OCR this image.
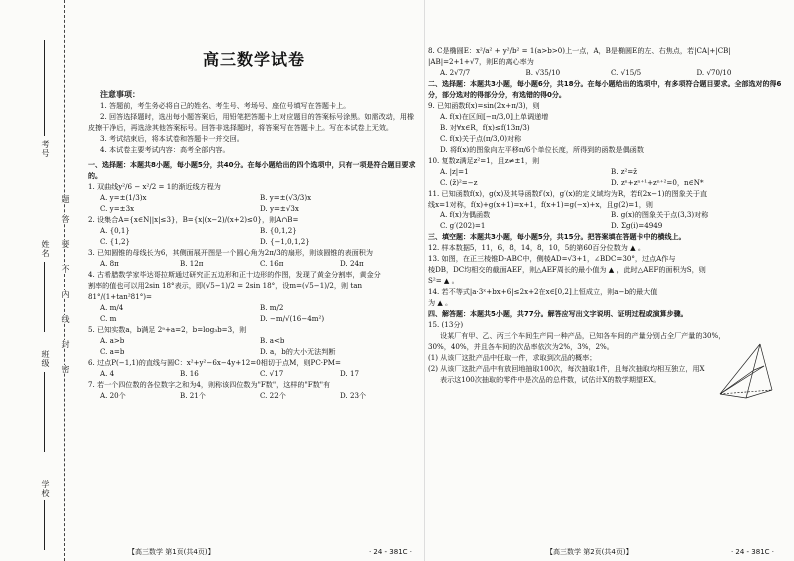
考号
姓名
班级
学校
题
答
要
不
内
线
封
密
高三数学试卷
注意事项：

1. 答题前，考生务必将自己的姓名、考生号、考场号、座位号填写在答题卡上。

2. 回答选择题时，选出每小题答案后，用铅笔把答题卡上对应题目的答案标号涂黑。如需改动，用橡皮擦干净后，再选涂其他答案标号。回答非选择题时，将答案写在答题卡上。写在本试卷上无效。

3. 考试结束后，将本试卷和答题卡一并交回。

4. 本试卷主要考试内容：高考全部内容。

一、选择题：本题共8小题，每小题5分，共40分。在每小题给出的四个选项中，只有一项是符合题目要求的。

1. 双曲线y²/6 − x²/2 = 1的渐近线方程为

A. y=±(1/3)x	B. y=±(√3/3)x
C. y=±3x	D. y=±√3x

2. 设集合A={x∈N||x|≤3}，B={x|(x−2)/(x+2)≤0}，则A∩B=

A. {0,1}	B. {0,1,2}
C. {1,2}	D. {−1,0,1,2}

3. 已知圆锥的母线长为6，其侧面展开图是一个圆心角为2π/3的扇形，则该圆锥的表面积为

A. 8π	B. 12π	C. 16π	D. 24π

4. 古希腊数学家毕达哥拉斯通过研究正五边形和正十边形的作图，发现了黄金分割率，黄金分

割率的值也可以用2sin 18°表示，即(√5−1)/2 = 2sin 18°，设m=(√5−1)/2，则 tan 81°/(1+tan²81°)=

A. m/4	B. m/2
C. m	D. −m/√(16−4m²)

5. 已知实数a，b满足 2ᵃ+a=2，b=log₃b=3，则

A. a>b	B. a<b
C. a=b	D. a，b的大小无法判断

6. 过点P(−1,1)的直线与圆C：x²+y²−6x−4y+12=0相切于点M，则PC·PM=

A. 4	B. 16	C. √17	D. 17

7. 若一个四位数的各位数字之和为4，则称该四位数为"F数"，这样的"F数"有

A. 20个	B. 21个	C. 22个	D. 23个
【高三数学 第1页(共4页)】	· 24 - 381C ·

8. C是椭圆E：x²/a² + y²/b² = 1(a>b>0)上一点，A，B是椭圆E的左、右焦点，若|CA|+|CB|

|AB|=2+1+√7，则E的离心率为

A. 2√7/7	B. √35/10	C. √15/5	D. √70/10

二、选择题：本题共3小题，每小题6分，共18分。在每小题给出的选项中，有多项符合题目要求。全部选对的得6分，部分选对的得部分分，有选错的得0分。

9. 已知函数f(x)=sin(2x+π/3)，则

A. f(x)在区间[−π/3,0]上单调递增

B. 对∀x∈R，f(x)≤f(13π/3)

C. f(x)关于点(π/3,0)对称

D. 将f(x)的图象向左平移π/6个单位长度，所得到的函数是偶函数

10. 复数z满足z²=1，且z≠±1，则

A. |z|=1	B. z²=z̄
C. (z̄)²=−z	D. zⁿ+zⁿ⁺¹+zⁿ⁺²=0，n∈N*

11. 已知函数f(x)，g(x)及其导函数f′(x)，g′(x)的定义域均为R，若f(2x−1)的图象关于直

线x=1对称，f(x)+g(x+1)=x+1，f(x+1)=g(−x)+x，且g(2)=1，则

A. f(x)为偶函数	B. g(x)的图象关于点(3,3)对称
C. g′(202)=1	D. Σg(i)=4949

三、填空题：本题共3小题，每小题5分，共15分。把答案填在答题卡中的横线上。

12. 样本数据5，11，6，8，14，8，10，5的第60百分位数为 ▲ 。

13. 如图，在正三棱锥D-ABC中，侧棱AD=√3+1，∠BDC=30°，过点A作与

棱DB，DC均相交的截面AEF，则△AEF周长的最小值为 ▲ ，此时△AEF的面积为S，则S²= ▲ 。

14. 若不等式|a·3ˣ+bx+6|≤2x+2在x∈[0,2]上恒成立，则a−b的最大值

为 ▲ 。

四、解答题：本题共5小题，共77分。解答应写出文字说明、证明过程或演算步骤。

15. (13分)

设某厂有甲、乙、丙三个车间生产同一种产品，已知各车间的产量分别占全厂产量的30%，

30%，40%，并且各车间的次品率依次为2%，3%，2%。

(1) 从该厂这批产品中任取一件，求取到次品的概率；

(2) 从该厂这批产品中有放回地抽取100次，每次抽取1件，且每次抽取均相互独立，用X

表示这100次抽取的零件中是次品的总件数，试估计X的数学期望EX。

【高三数学 第2页(共4页)】	· 24 - 381C ·
